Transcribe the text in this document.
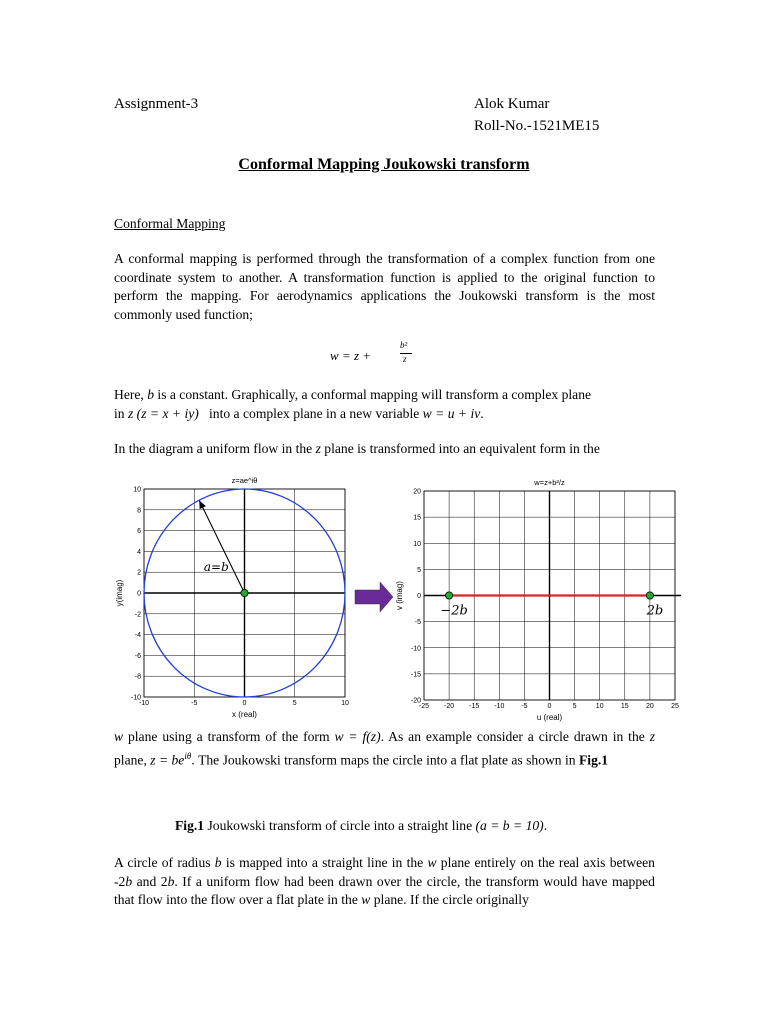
Assignment-3	Alok Kumar
Roll-No.-1521ME15
Conformal Mapping Joukowski transform
Conformal Mapping

A conformal mapping is performed through the transformation of a complex function from one coordinate system to another. A transformation function is applied to the original function to perform the mapping. For aerodynamics applications the Joukowski transform is the most commonly used function;

w = z +
b²
z

Here, b is a constant. Graphically, a conformal mapping will transform a complex plane
in z (z = x + iy)   into a complex plane in a new variable w = u + iv.

In the diagram a uniform flow in the z plane is transformed into an equivalent form in the

-10	-5	0	5	10
10
8
6
4
2
0
-2
-4
-6
-8
-10
z=ae^iθ
x (real)
y(imag)
a=b
-25 -20 -15 -10 -5	0	5	10 15 20 25
20
15
10
5
0
-5
-10
-15
-20
w=z+b²/z
u (real)
v (imag)
−2b	2b

w plane using a transform of the form w = f(z). As an example consider a circle drawn in the z plane, $z = be^{i\theta}$. The Joukowski transform maps the circle into a flat plate as shown in Fig.1

Fig.1 Joukowski transform of circle into a straight line (a = b = 10).

A circle of radius b is mapped into a straight line in the w plane entirely on the real axis between -2b and 2b. If a uniform flow had been drawn over the circle, the transform would have mapped that flow into the flow over a flat plate in the w plane. If the circle originally
